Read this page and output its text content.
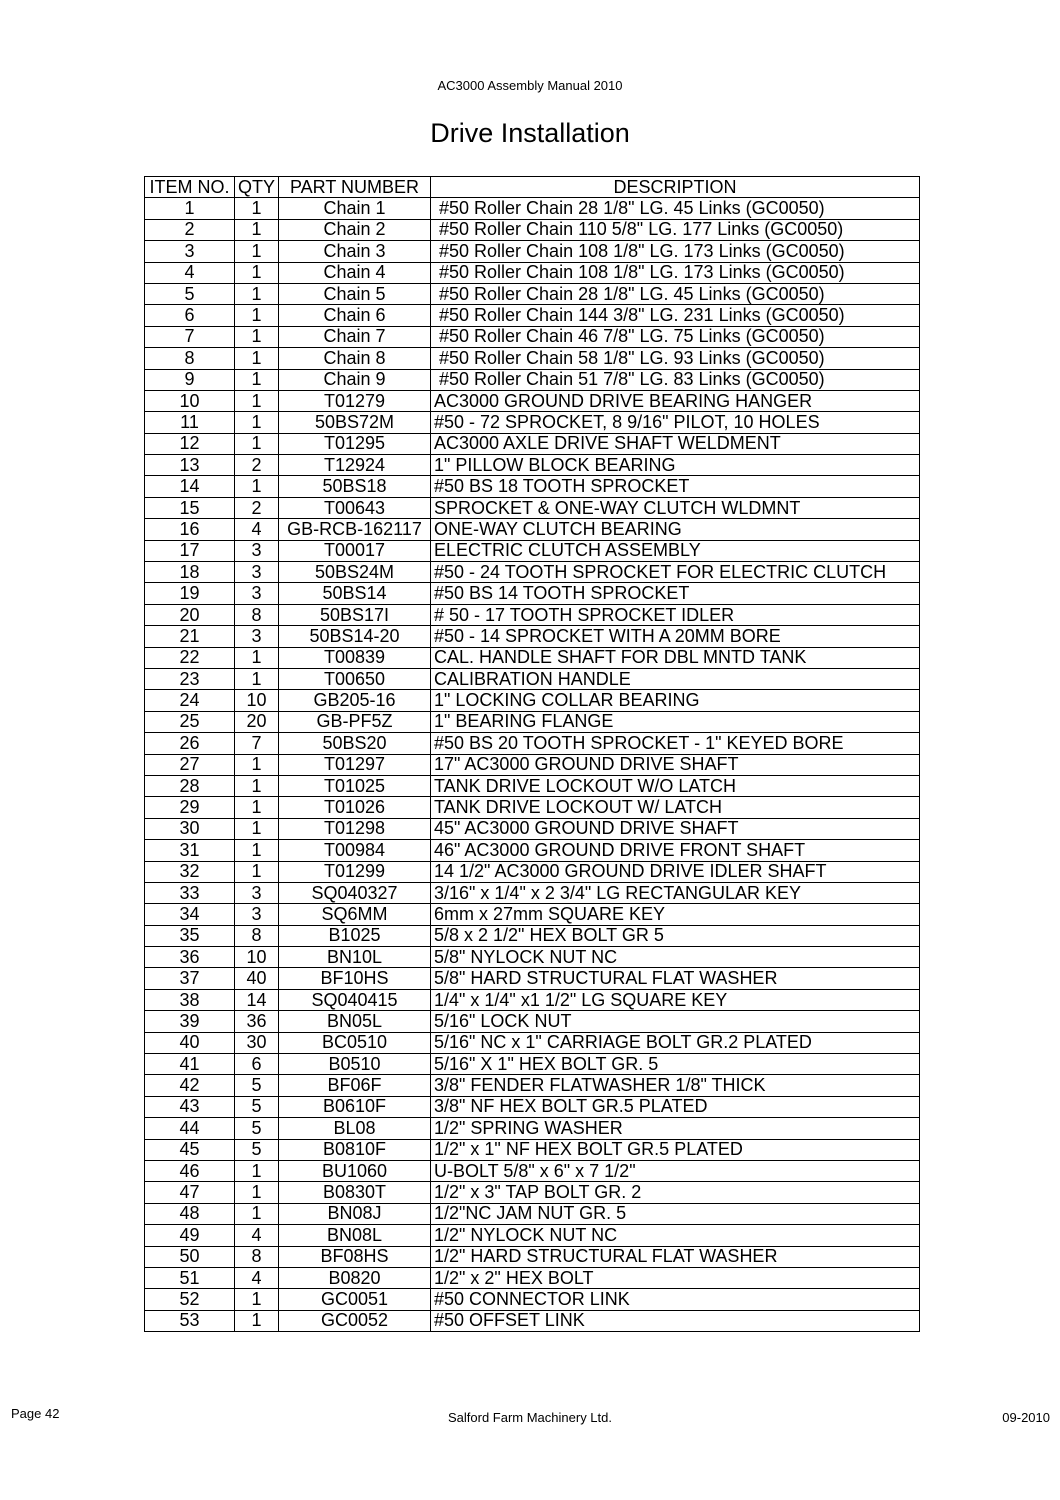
AC3000 Assembly Manual 2010
Drive Installation
ITEM NO.	QTY	PART NUMBER	DESCRIPTION
1	1	Chain 1	#50 Roller Chain 28 1/8" LG. 45 Links (GC0050)
2	1	Chain 2	#50 Roller Chain 110 5/8" LG. 177 Links (GC0050)
3	1	Chain 3	#50 Roller Chain 108 1/8" LG. 173 Links (GC0050)
4	1	Chain 4	#50 Roller Chain 108 1/8" LG. 173 Links (GC0050)
5	1	Chain 5	#50 Roller Chain 28 1/8" LG. 45 Links (GC0050)
6	1	Chain 6	#50 Roller Chain 144 3/8" LG. 231 Links (GC0050)
7	1	Chain 7	#50 Roller Chain 46 7/8" LG. 75 Links (GC0050)
8	1	Chain 8	#50 Roller Chain 58 1/8" LG. 93 Links (GC0050)
9	1	Chain 9	#50 Roller Chain 51 7/8" LG. 83 Links (GC0050)
10	1	T01279	AC3000 GROUND DRIVE BEARING HANGER
11	1	50BS72M	#50 - 72 SPROCKET, 8 9/16" PILOT, 10 HOLES
12	1	T01295	AC3000 AXLE DRIVE SHAFT WELDMENT
13	2	T12924	1" PILLOW BLOCK BEARING
14	1	50BS18	#50 BS 18 TOOTH SPROCKET
15	2	T00643	SPROCKET & ONE-WAY CLUTCH WLDMNT
16	4	GB-RCB-162117	ONE-WAY CLUTCH BEARING
17	3	T00017	ELECTRIC CLUTCH ASSEMBLY
18	3	50BS24M	#50 - 24 TOOTH SPROCKET FOR ELECTRIC CLUTCH
19	3	50BS14	#50 BS 14 TOOTH SPROCKET
20	8	50BS17I	# 50 - 17 TOOTH SPROCKET IDLER
21	3	50BS14-20	#50 - 14 SPROCKET WITH A 20MM BORE
22	1	T00839	CAL. HANDLE SHAFT FOR DBL MNTD TANK
23	1	T00650	CALIBRATION HANDLE
24	10	GB205-16	1" LOCKING COLLAR BEARING
25	20	GB-PF5Z	1" BEARING FLANGE
26	7	50BS20	#50 BS 20 TOOTH SPROCKET - 1" KEYED BORE
27	1	T01297	17" AC3000 GROUND DRIVE SHAFT
28	1	T01025	TANK DRIVE LOCKOUT W/O LATCH
29	1	T01026	TANK DRIVE LOCKOUT W/ LATCH
30	1	T01298	45" AC3000 GROUND DRIVE SHAFT
31	1	T00984	46" AC3000 GROUND DRIVE FRONT SHAFT
32	1	T01299	14 1/2" AC3000 GROUND DRIVE IDLER SHAFT
33	3	SQ040327	3/16" x 1/4" x 2 3/4" LG RECTANGULAR KEY
34	3	SQ6MM	6mm x 27mm SQUARE KEY
35	8	B1025	5/8 x 2 1/2" HEX BOLT GR 5
36	10	BN10L	5/8" NYLOCK NUT NC
37	40	BF10HS	5/8" HARD STRUCTURAL FLAT WASHER
38	14	SQ040415	1/4" x 1/4" x1 1/2" LG SQUARE KEY
39	36	BN05L	5/16" LOCK NUT
40	30	BC0510	5/16" NC x 1" CARRIAGE BOLT GR.2 PLATED
41	6	B0510	5/16" X 1" HEX BOLT GR. 5
42	5	BF06F	3/8" FENDER FLATWASHER 1/8" THICK
43	5	B0610F	3/8" NF HEX BOLT GR.5 PLATED
44	5	BL08	1/2" SPRING WASHER
45	5	B0810F	1/2" x 1" NF HEX BOLT GR.5 PLATED
46	1	BU1060	U-BOLT 5/8" x 6" x 7 1/2"
47	1	B0830T	1/2" x 3" TAP BOLT GR. 2
48	1	BN08J	1/2"NC JAM NUT GR. 5
49	4	BN08L	1/2" NYLOCK NUT NC
50	8	BF08HS	1/2" HARD STRUCTURAL FLAT WASHER
51	4	B0820	1/2" x 2" HEX BOLT
52	1	GC0051	#50 CONNECTOR LINK
53	1	GC0052	#50 OFFSET LINK
Page 42	Salford Farm Machinery Ltd.	09-2010
